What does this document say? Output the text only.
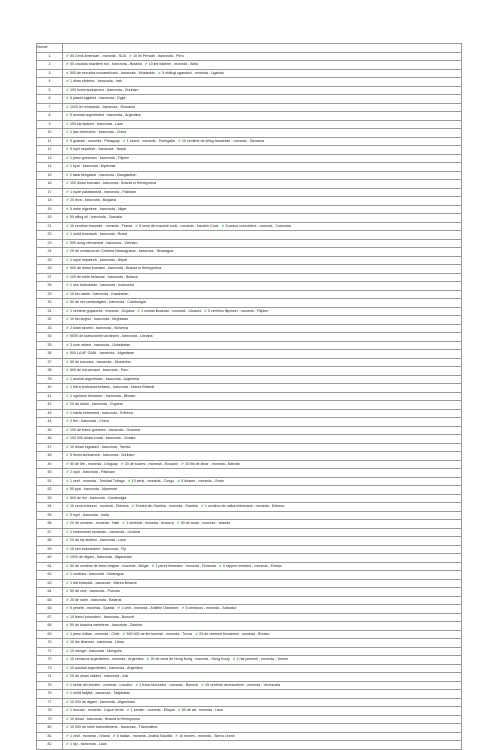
Numer	
1	✔50 Centi American - moneda - SUA ✔10 lei Persian - bancnota - Peru
2	✔50 cruzado brazilieni noi - bancnota - Brazilia ✔10 lire italiene - moneda - Italia
3	✔500 de escudos mozambicani - bancnota - Mozambic ✔5 shilingi ugandezi - moneda - Uganda
4	✔1 dinar sârbesc - bancnota - Irak
5	✔100 florini surinamezi - bancnota - Surinam
6	✔5 piaștri egipteni - bancnota - Egipt
7	✔1000 lei romanești - bancnota - Romania
8	✔5 australi argentinieni - bancnota - Argentina
9	✔100 kip laoțieni - bancnota - Laos
10	✔1 jiao chinezesc - bancnota - China
11	✔5 guarani - moneda - Paraguay ✔1 escud - moneda - Portugalia ✔10 centime de șiling tanzanian - moneda - Tanzania
12	✔5 rupii nepaleze - bancnota - Nepal
13	✔1 peso guineean - bancnota - Filipine
14	✔1 kyat - bancnota - Myanmar
15	✔2 taka bengalezi - bancnota - Bangladesh
16	✔100 dinari bosniaci - bancnota - Bosnia și Herțegovina
17	✔1 rupie pakistaneză - bancnota - Pakistan
18	✔20 leva - bancnota - Bulgaria
19	✔5 naire nigeriene - bancnota - Niger
20	✔50 șiling nii - bancnota - Somalia
21	✔10 centime franceze - moneda - Franța ✔5 cenți din insulele cook - moneda - Insulele Cook ✔5 pesos columbieni - moneda - Columbia
22	✔1 rublă rusească - bancnota - Rusia
23	✔500 dong vietnamezi - bancnota - Vietnam
24	✔25 de centavos de Cordoba Nicaraguana - bancnota - Nicaragua
25	✔1 rupie nepaleză - bancnota - Nepal
26	✔500 de dinari bosniaci - bancnota - Bosnia și Herțegovina
27	✔100 de ruble belaruse - bancnota - Belarus
28	✔1 sen indonezian - bancnota - Indonezia
29	✔10 tiin uzbek - bancnota - Kazahstan
30	✔50 de riel cambodgieni - bancnota - Cambodgia
31	✔1 centime guyaneză - moneda - Guyana ✔1 centas lituanian - moneda - Lituania ✔5 centimo filipinezi - moneda - Filipine
32	✔10 tiin kirghiz - bancnota - Kirghistan
33	✔2 tolari sloveni - bancnota - Slovenia
34	✔5000 de karbovaneți ucrainieni - bancnota - Ucraina
35	✔3 sum uzbeci - bancnota - Uzbekistan
36	✔500 LA AF GANI - bancnota - Afganistan
37	✔50 de escudos - bancnota - Mozambic
38	✔500 de inti peruani - bancnota - Peru
39	✔1 austral argentinian - bancnota - Argentina
40	✔1 liră a teritoriului britanic - bancnota - Marea Britanie
41	✔1 ngultrum bhutanez - bancnota - Bhutan
42	✔20 de dolari - bancnota - Guyana
43	✔1 nakfa eritreeană - bancnota - Eritreea
44	✔2 fen - bancnota - China
45	✔100 de franci guineeni - bancnota - Guineea
46	✔100 000 dinari croați - bancnota - Croația
47	✔10 dinari iugoslavi - bancnota - Serbia
48	✔5 florini surinamezi - bancnota - Surinam
49	✔50 de lire - moneda - Uruguay ✔20 de sucres - moneda - Ecuador ✔10 fils de dinar - moneda - Bahrain
50	✔2 rupii - bancnota - Pakistan
51	✔1 cent - moneda - Trinidad Tobago ✔10 senți - moneda - Congo ✔5 dirame - moneda - Greța
52	✔50 pya - bancnota - Myanmar
53	✔500 de riel - bancnota - Cambodgia
54	✔10 cenți eritreeni - moneda - Eritreea ✔5 butut din Gambia - moneda - Gambia ✔1 centimo de nafka eritreeana - moneda - Eritreea
55	✔5 rupii - bancnota - India
56	✔20 de centime - moneda - Haiti ✔1 centimă - moneda - Andorra ✔50 de aurar - moneda - Islanda
57	✔1 karbovanet ucrainian - bancnota - Ucraina
58	✔20 de kip laotieni - bancnota - Laos
59	✔10 sen indonezieni - bancnota - Fiji
60	✔1000 de afgani - bancnota - Afganistan
61	✔50 de centime de franc belgian - moneda - Belgia ✔1 penni finlandez - moneda - Finlanda ✔5 rappen elvețieni - moneda - Elveția
62	✔1 cordoba - bancnota - Nicaragua
63	✔1 liră britanică - bancnota - Marea Britanie
64	✔50 de zloți - bancnota - Polonia
65	✔25 de ruble - bancnota - Belarus
66	✔5 pesete - moneda - Spania ✔1 cent - moneda - Antilele Olandeze ✔5 centavos - moneda - Salvador
67	✔10 franci burundezi - bancnota - Burundi
68	✔50 de kwacha zambiene - bancnota - Zambia
69	✔1 peso chilian - moneda - Chile ✔500 000 de lire turcești - moneda - Turcia ✔25 de chetrum bhutanezi - moneda - Bhutan
70	✔10 lire libaneze - bancnota - Liban
71	✔10 möngö - bancnota - Mongolia
72	✔10 centavos argentinieni - moneda - Argentina ✔20 de cenți de Hong Kong - moneda - Hong Kong ✔1 rial yemenit - moneda - Yemen
73	✔10 australi argentinieni - bancnota - Argentina
74	✔25 de dinari irakieni - bancnota - Irak
75	✔1 sente din lesotho - moneda - Lesotho ✔1 franc burundez - moneda - Burundi ✔25 centime venezuelene - moneda - Venezuela
76	✔1 rublă tadjikă - bancnota - Tadjikistan
77	✔10 000 de afgani - bancnota - Afganistan
78	✔1 escudo - moneda - Capul Verde ✔1 santim - moneda - Etiopia ✔50 de att - moneda - Laos
79	✔10 dinari - bancnota - Bosnia și Herțegovina
80	✔10 000 de ruble transnistriene - bancnota - Transnistria
81	✔1 cedi - moneda - Ghana ✔5 halala - moneda - Arabia Saudită ✔10 leones - moneda - Sierra Leone
82	✔1 kip - bancnota - Laos
